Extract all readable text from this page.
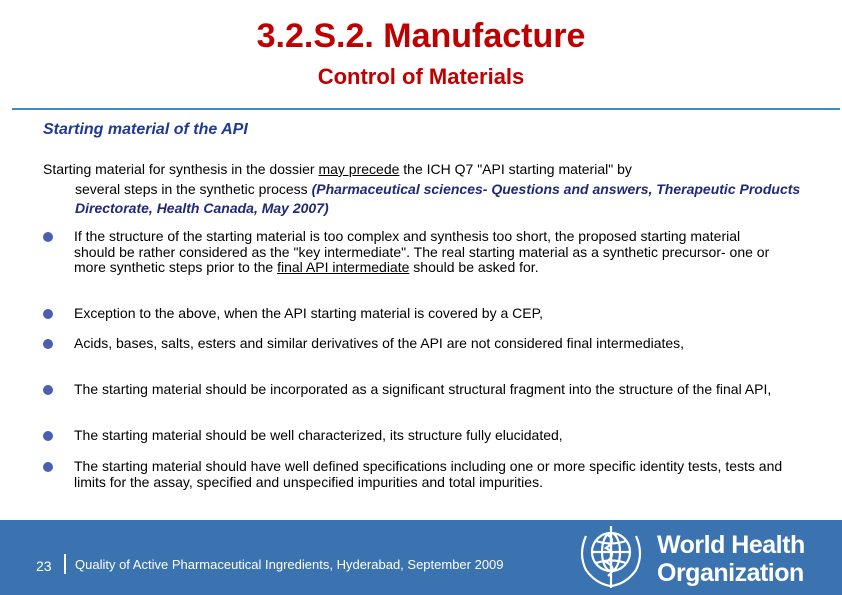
3.2.S.2. Manufacture
Control of Materials
Starting material of the API
Starting material for synthesis in the dossier may precede the ICH Q7 "API starting material" by
several steps in the synthetic process (Pharmaceutical sciences- Questions and answers, Therapeutic Products Directorate, Health Canada, May 2007)
If the structure of the starting material is too complex and synthesis too short, the proposed starting material should be rather considered as the "key intermediate". The real starting material as a synthetic precursor- one or more synthetic steps prior to the final API intermediate should be asked for.
Exception to the above, when the API starting material is covered by a CEP,
Acids, bases, salts, esters and similar derivatives of the API are not considered final intermediates,
The starting material should be incorporated as a significant structural fragment into the structure of the final API,
The starting material should be well characterized, its structure fully elucidated,
The starting material should have well defined specifications including one or more specific identity tests, tests and limits for the assay, specified and unspecified impurities and total impurities.
23 Quality of Active Pharmaceutical Ingredients, Hyderabad, September 2009
World Health
Organization
